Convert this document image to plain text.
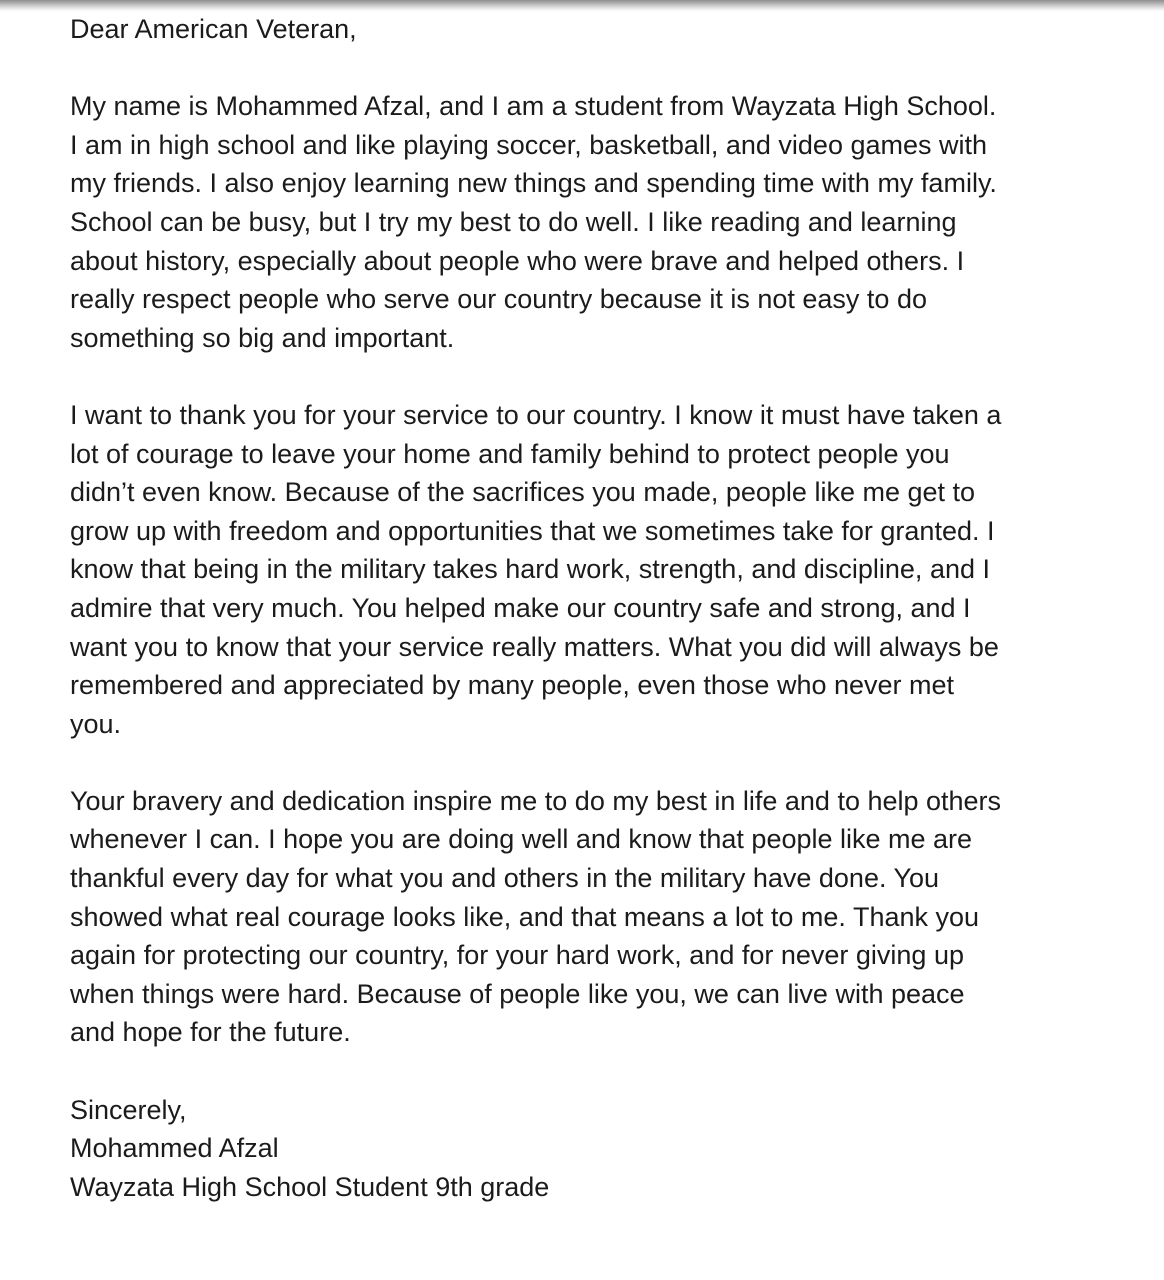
Dear American Veteran,

My name is Mohammed Afzal, and I am a student from Wayzata High School.
I am in high school and like playing soccer, basketball, and video games with
my friends. I also enjoy learning new things and spending time with my family.
School can be busy, but I try my best to do well. I like reading and learning
about history, especially about people who were brave and helped others. I
really respect people who serve our country because it is not easy to do
something so big and important.

I want to thank you for your service to our country. I know it must have taken a
lot of courage to leave your home and family behind to protect people you
didn’t even know. Because of the sacrifices you made, people like me get to
grow up with freedom and opportunities that we sometimes take for granted. I
know that being in the military takes hard work, strength, and discipline, and I
admire that very much. You helped make our country safe and strong, and I
want you to know that your service really matters. What you did will always be
remembered and appreciated by many people, even those who never met
you.

Your bravery and dedication inspire me to do my best in life and to help others
whenever I can. I hope you are doing well and know that people like me are
thankful every day for what you and others in the military have done. You
showed what real courage looks like, and that means a lot to me. Thank you
again for protecting our country, for your hard work, and for never giving up
when things were hard. Because of people like you, we can live with peace
and hope for the future.

Sincerely,
Mohammed Afzal
Wayzata High School Student 9th grade
